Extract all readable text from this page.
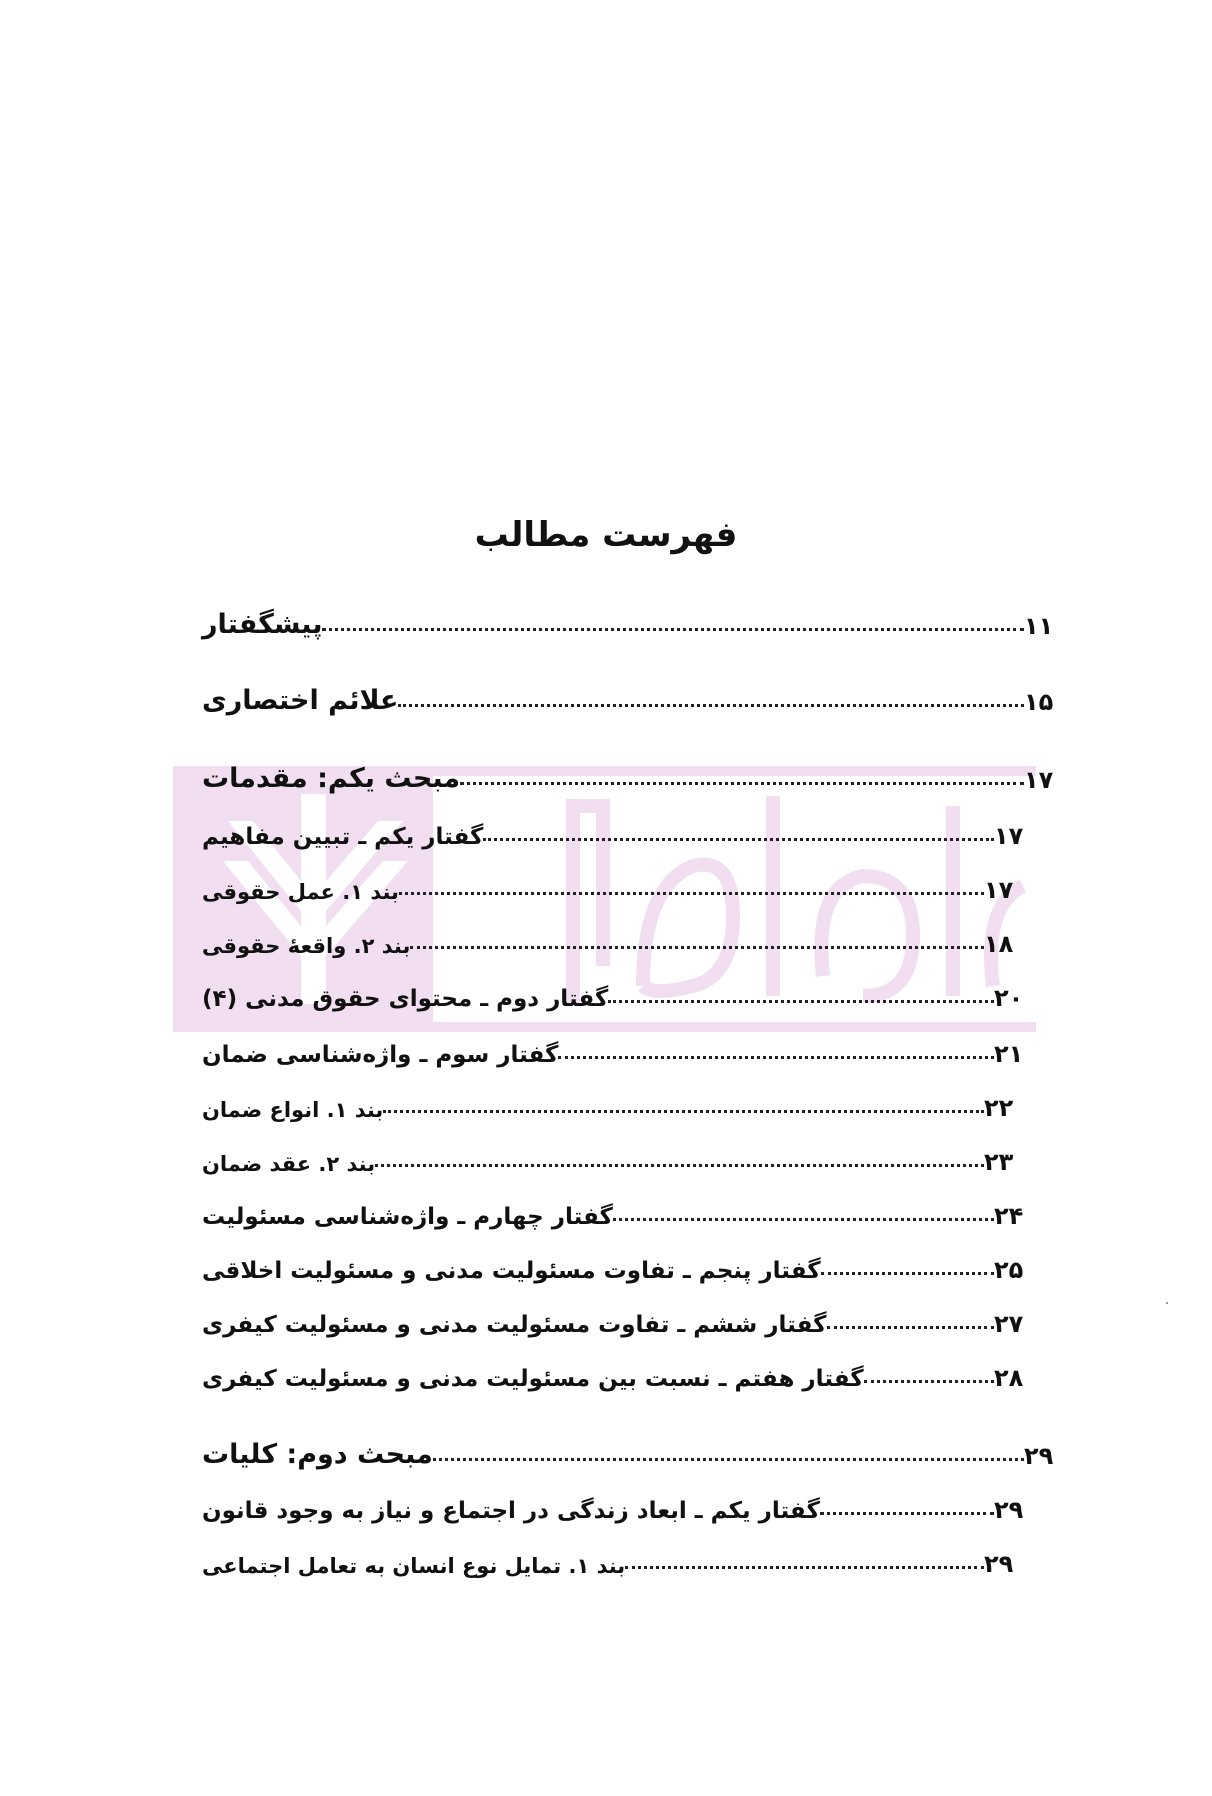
فهرست مطالب
پیشگفتار	۱۱
علائم اختصاری	۱۵
مبحث یکم: مقدمات	۱۷
گفتار یکم ـ تبیین مفاهیم	۱۷
بند ۱. عمل حقوقی	۱۷
بند ۲. واقعهٔ حقوقی	۱۸
گفتار دوم ـ محتوای حقوق مدنی (۴)	۲۰
گفتار سوم ـ واژه‌شناسی ضمان	۲۱
بند ۱. انواع ضمان	۲۲
بند ۲. عقد ضمان	۲۳
گفتار چهارم ـ واژه‌شناسی مسئولیت	۲۴
گفتار پنجم ـ تفاوت مسئولیت مدنی و مسئولیت اخلاقی	۲۵
گفتار ششم ـ تفاوت مسئولیت مدنی و مسئولیت کیفری	۲۷
گفتار هفتم ـ نسبت بین مسئولیت مدنی و مسئولیت کیفری	۲۸
مبحث دوم: کلیات	۲۹
گفتار یکم ـ ابعاد زندگی در اجتماع و نیاز به وجود قانون	۲۹
بند ۱. تمایل نوع انسان به تعامل اجتماعی	۲۹
